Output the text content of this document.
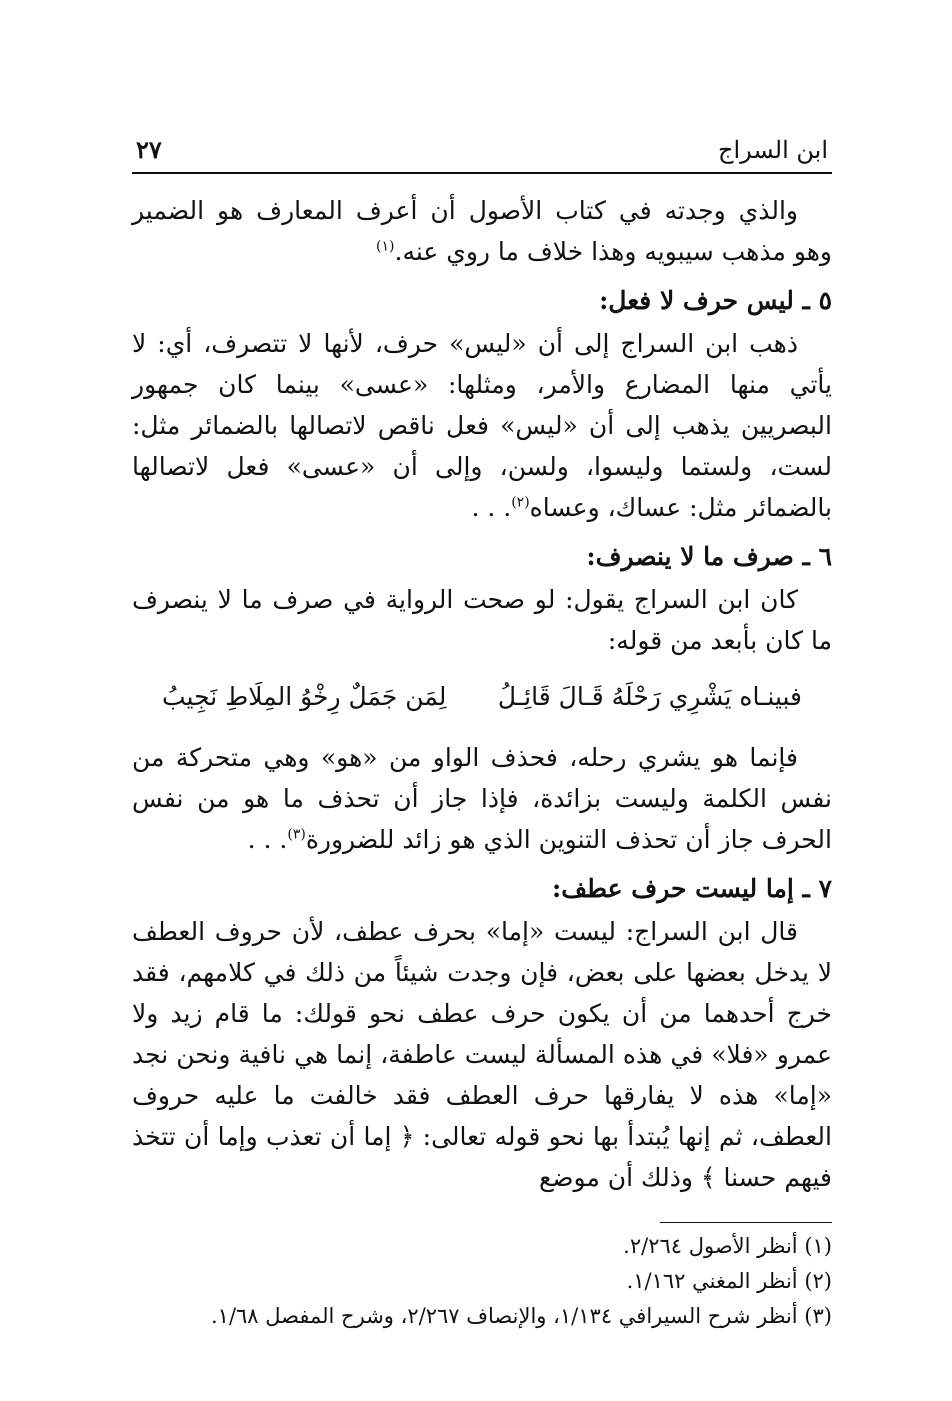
ابن السراج
٢٧

والذي وجدته في كتاب الأصول أن أعرف المعارف هو الضمير وهو مذهب سيبويه وهذا خلاف ما روي عنه.$^{(١)}$

٥ ـ ليس حرف لا فعل:

ذهب ابن السراج إلى أن «ليس» حرف، لأنها لا تتصرف، أي: لا يأتي منها المضارع والأمر، ومثلها: «عسى» بينما كان جمهور البصريين يذهب إلى أن «ليس» فعل ناقص لاتصالها بالضمائر مثل: لست، ولستما وليسوا، ولسن، وإلى أن «عسى» فعل لاتصالها بالضمائر مثل: عساك، وعساه$^{(٢)}$. . .

٦ ـ صرف ما لا ينصرف:

كان ابن السراج يقول: لو صحت الرواية في صرف ما لا ينصرف ما كان بأبعد من قوله:

فبينـاه يَشْرِي رَحْلَهُ قَـالَ قَائِـلُ
لِمَن جَمَلٌ رِخْوُ المِلَاطِ نَجِيبُ

فإنما هو يشري رحله، فحذف الواو من «هو» وهي متحركة من نفس الكلمة وليست بزائدة، فإذا جاز أن تحذف ما هو من نفس الحرف جاز أن تحذف التنوين الذي هو زائد للضرورة$^{(٣)}$. . .

٧ ـ إما ليست حرف عطف:

قال ابن السراج: ليست «إما» بحرف عطف، لأن حروف العطف لا يدخل بعضها على بعض، فإن وجدت شيئاً من ذلك في كلامهم، فقد خرج أحدهما من أن يكون حرف عطف نحو قولك: ما قام زيد ولا عمرو «فلا» في هذه المسألة ليست عاطفة، إنما هي نافية ونحن نجد «إما» هذه لا يفارقها حرف العطف فقد خالفت ما عليه حروف العطف، ثم إنها يُبتدأ بها نحو قوله تعالى: ﴿ إما أن تعذب وإما أن تتخذ فيهم حسنا ﴾ وذلك أن موضع

(١) أنظر الأصول ٢/٢٦٤.

(٢) أنظر المغني ١/١٦٢.

(٣) أنظر شرح السيرافي ١/١٣٤، والإنصاف ٢/٢٦٧، وشرح المفصل ١/٦٨.
